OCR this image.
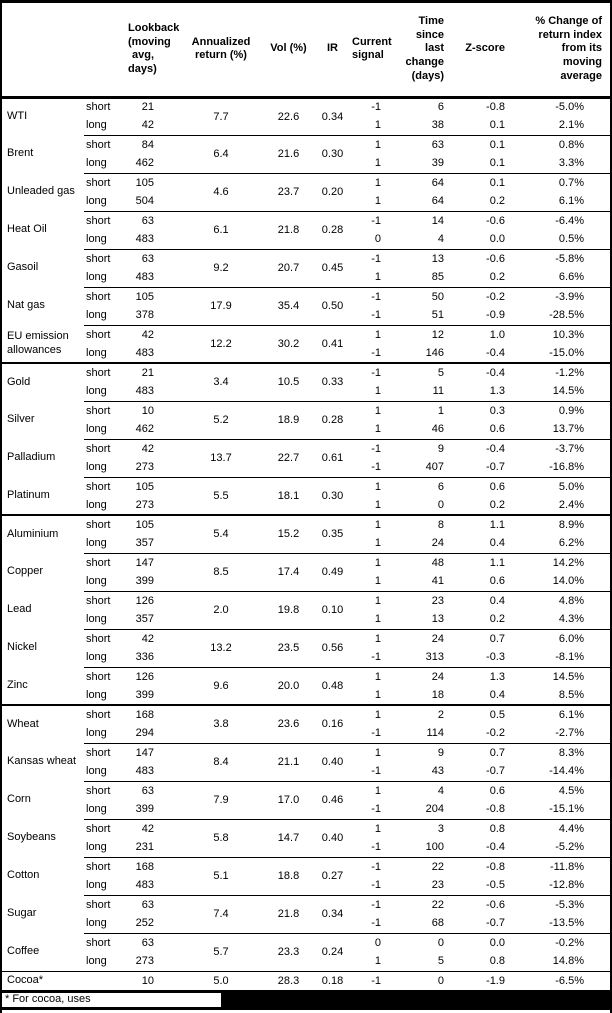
		Lookback (moving avg, days)	Annualized return (%)	Vol (%)	IR	Current signal	Time since last change (days)	Z-score	% Change of return index from its moving average
WTI	short	21	7.7	22.6	0.34	-1	6	-0.8	-5.0%
	long	42				1	38	0.1	2.1%
Brent	short	84	6.4	21.6	0.30	1	63	0.1	0.8%
	long	462				1	39	0.1	3.3%
Unleaded gas	short	105	4.6	23.7	0.20	1	64	0.1	0.7%
	long	504				1	64	0.2	6.1%
Heat Oil	short	63	6.1	21.8	0.28	-1	14	-0.6	-6.4%
	long	483				0	4	0.0	0.5%
Gasoil	short	63	9.2	20.7	0.45	-1	13	-0.6	-5.8%
	long	483				1	85	0.2	6.6%
Nat gas	short	105	17.9	35.4	0.50	-1	50	-0.2	-3.9%
	long	378				-1	51	-0.9	-28.5%
EU emission allowances	short	42	12.2	30.2	0.41	1	12	1.0	10.3%
	long	483				-1	146	-0.4	-15.0%
Gold	short	21	3.4	10.5	0.33	-1	5	-0.4	-1.2%
	long	483				1	11	1.3	14.5%
Silver	short	10	5.2	18.9	0.28	1	1	0.3	0.9%
	long	462				1	46	0.6	13.7%
Palladium	short	42	13.7	22.7	0.61	-1	9	-0.4	-3.7%
	long	273				-1	407	-0.7	-16.8%
Platinum	short	105	5.5	18.1	0.30	1	6	0.6	5.0%
	long	273				1	0	0.2	2.4%
Aluminium	short	105	5.4	15.2	0.35	1	8	1.1	8.9%
	long	357				1	24	0.4	6.2%
Copper	short	147	8.5	17.4	0.49	1	48	1.1	14.2%
	long	399				1	41	0.6	14.0%
Lead	short	126	2.0	19.8	0.10	1	23	0.4	4.8%
	long	357				1	13	0.2	4.3%
Nickel	short	42	13.2	23.5	0.56	1	24	0.7	6.0%
	long	336				-1	313	-0.3	-8.1%
Zinc	short	126	9.6	20.0	0.48	1	24	1.3	14.5%
	long	399				1	18	0.4	8.5%
Wheat	short	168	3.8	23.6	0.16	1	2	0.5	6.1%
	long	294				-1	114	-0.2	-2.7%
Kansas wheat	short	147	8.4	21.1	0.40	1	9	0.7	8.3%
	long	483				-1	43	-0.7	-14.4%
Corn	short	63	7.9	17.0	0.46	1	4	0.6	4.5%
	long	399				-1	204	-0.8	-15.1%
Soybeans	short	42	5.8	14.7	0.40	1	3	0.8	4.4%
	long	231				-1	100	-0.4	-5.2%
Cotton	short	168	5.1	18.8	0.27	-1	22	-0.8	-11.8%
	long	483				-1	23	-0.5	-12.8%
Sugar	short	63	7.4	21.8	0.34	-1	22	-0.6	-5.3%
	long	252				-1	68	-0.7	-13.5%
Coffee	short	63	5.7	23.3	0.24	0	0	0.0	-0.2%
	long	273				1	5	0.8	14.8%
Cocoa*		10	5.0	28.3	0.18	-1	0	-1.9	-6.5%
* For cocoa, uses
